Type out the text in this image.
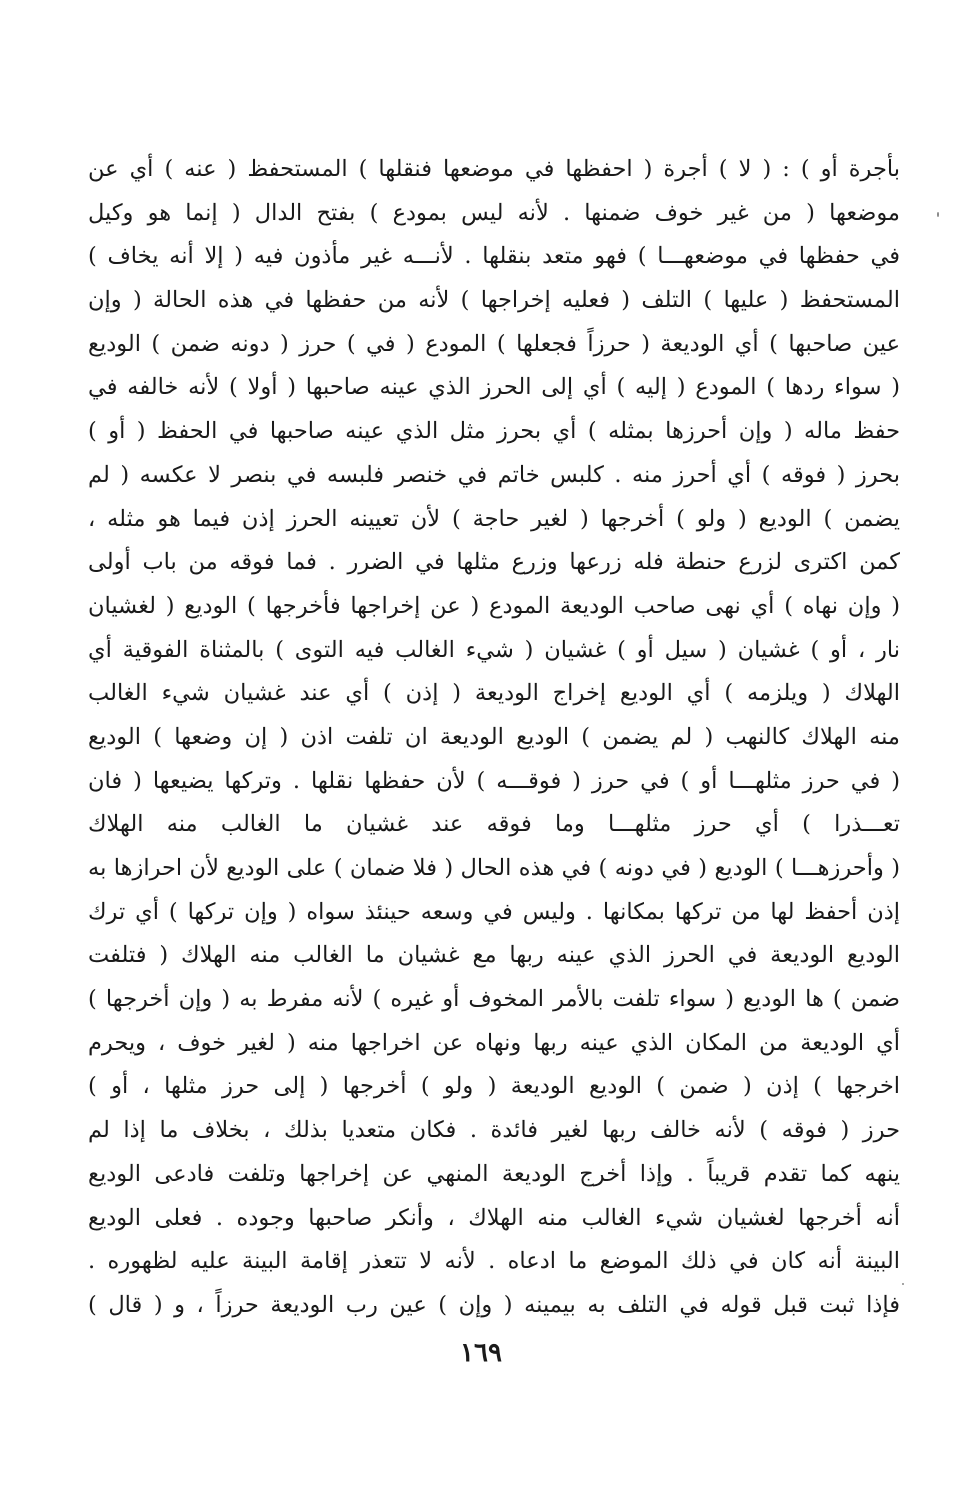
بأجرة أو ) : ( لا ) أجرة ( احفظها في موضعها فنقلها ) المستحفظ ( عنه ) أي عن
موضعها ( من غير خوف ضمنها . لأنه ليس بمودع ) بفتح الدال ( إنما هو وكيل
في حفظها في موضعهـــا ) فهو متعد بنقلها . لأنـــه غير مأذون فيه ( إلا أنه يخاف )
المستحفظ ( عليها ) التلف ( فعليه إخراجها ) لأنه من حفظها في هذه الحالة ( وإن
عين صاحبها ) أي الوديعة ( حرزاً فجعلها ) المودع ( في ) حرز ( دونه ضمن ) الوديع
( سواء ردها ) المودع ( إليه ) أي إلى الحرز الذي عينه صاحبها ( أولا ) لأنه خالفه في
حفظ ماله ( وإن أحرزها بمثله ) أي بحرز مثل الذي عينه صاحبها في الحفظ ( أو )
بحرز ( فوقه ) أي أحرز منه . كلبس خاتم في خنصر فلبسه في بنصر لا عكسه ( لم
يضمن ) الوديع ( ولو ) أخرجها ( لغير حاجة ) لأن تعيينه الحرز إذن فيما هو مثله ،
كمن اكترى لزرع حنطة فله زرعها وزرع مثلها في الضرر . فما فوقه من باب أولى
( وإن نهاه ) أي نهى صاحب الوديعة المودع ( عن إخراجها فأخرجها ) الوديع ( لغشيان
نار ، أو ) غشيان ( سيل أو ) غشيان ( شيء الغالب فيه التوى ) بالمثناة الفوقية أي
الهلاك ( ويلزمه ) أي الوديع إخراج الوديعة ( إذن ) أي عند غشيان شيء الغالب
منه الهلاك كالنهب ( لم يضمن ) الوديع الوديعة ان تلفت اذن ( إن وضعها ) الوديع
( في حرز مثلهـــا أو ) في حرز ( فوقـــه ) لأن حفظها نقلها . وتركها يضيعها ( فان
تعـــذرا ) أي حرز مثلهـــا وما فوقه عند غشيان ما الغالب منه الهلاك
( وأحرزهـــا ) الوديع ( في دونه ) في هذه الحال ( فلا ضمان ) على الوديع لأن احرازها به
إذن أحفظ لها من تركها بمكانها . وليس في وسعه حينئذ سواه ( وإن تركها ) أي ترك
الوديع الوديعة في الحرز الذي عينه ربها مع غشيان ما الغالب منه الهلاك ( فتلفت
ضمن ) ها الوديع ( سواء تلفت بالأمر المخوف أو غيره ) لأنه مفرط به ( وإن أخرجها )
أي الوديعة من المكان الذي عينه ربها ونهاه عن اخراجها منه ( لغير خوف ، ويحرم
اخرجها ) إذن ( ضمن ) الوديع الوديعة ( ولو ) أخرجها ( إلى حرز مثلها ، أو )
حرز ( فوقه ) لأنه خالف ربها لغير فائدة . فكان متعديا بذلك ، بخلاف ما إذا لم
ينهه كما تقدم قريباً . وإذا أخرج الوديعة المنهي عن إخراجها وتلفت فادعى الوديع
أنه أخرجها لغشيان شيء الغالب منه الهلاك ، وأنكر صاحبها وجوده . فعلى الوديع
البينة أنه كان في ذلك الموضع ما ادعاه . لأنه لا تتعذر إقامة البينة عليه لظهوره .
فإذا ثبت قبل قوله في التلف به بيمينه ( وإن ) عين رب الوديعة حرزاً ، و ( قال )
١٦٩
